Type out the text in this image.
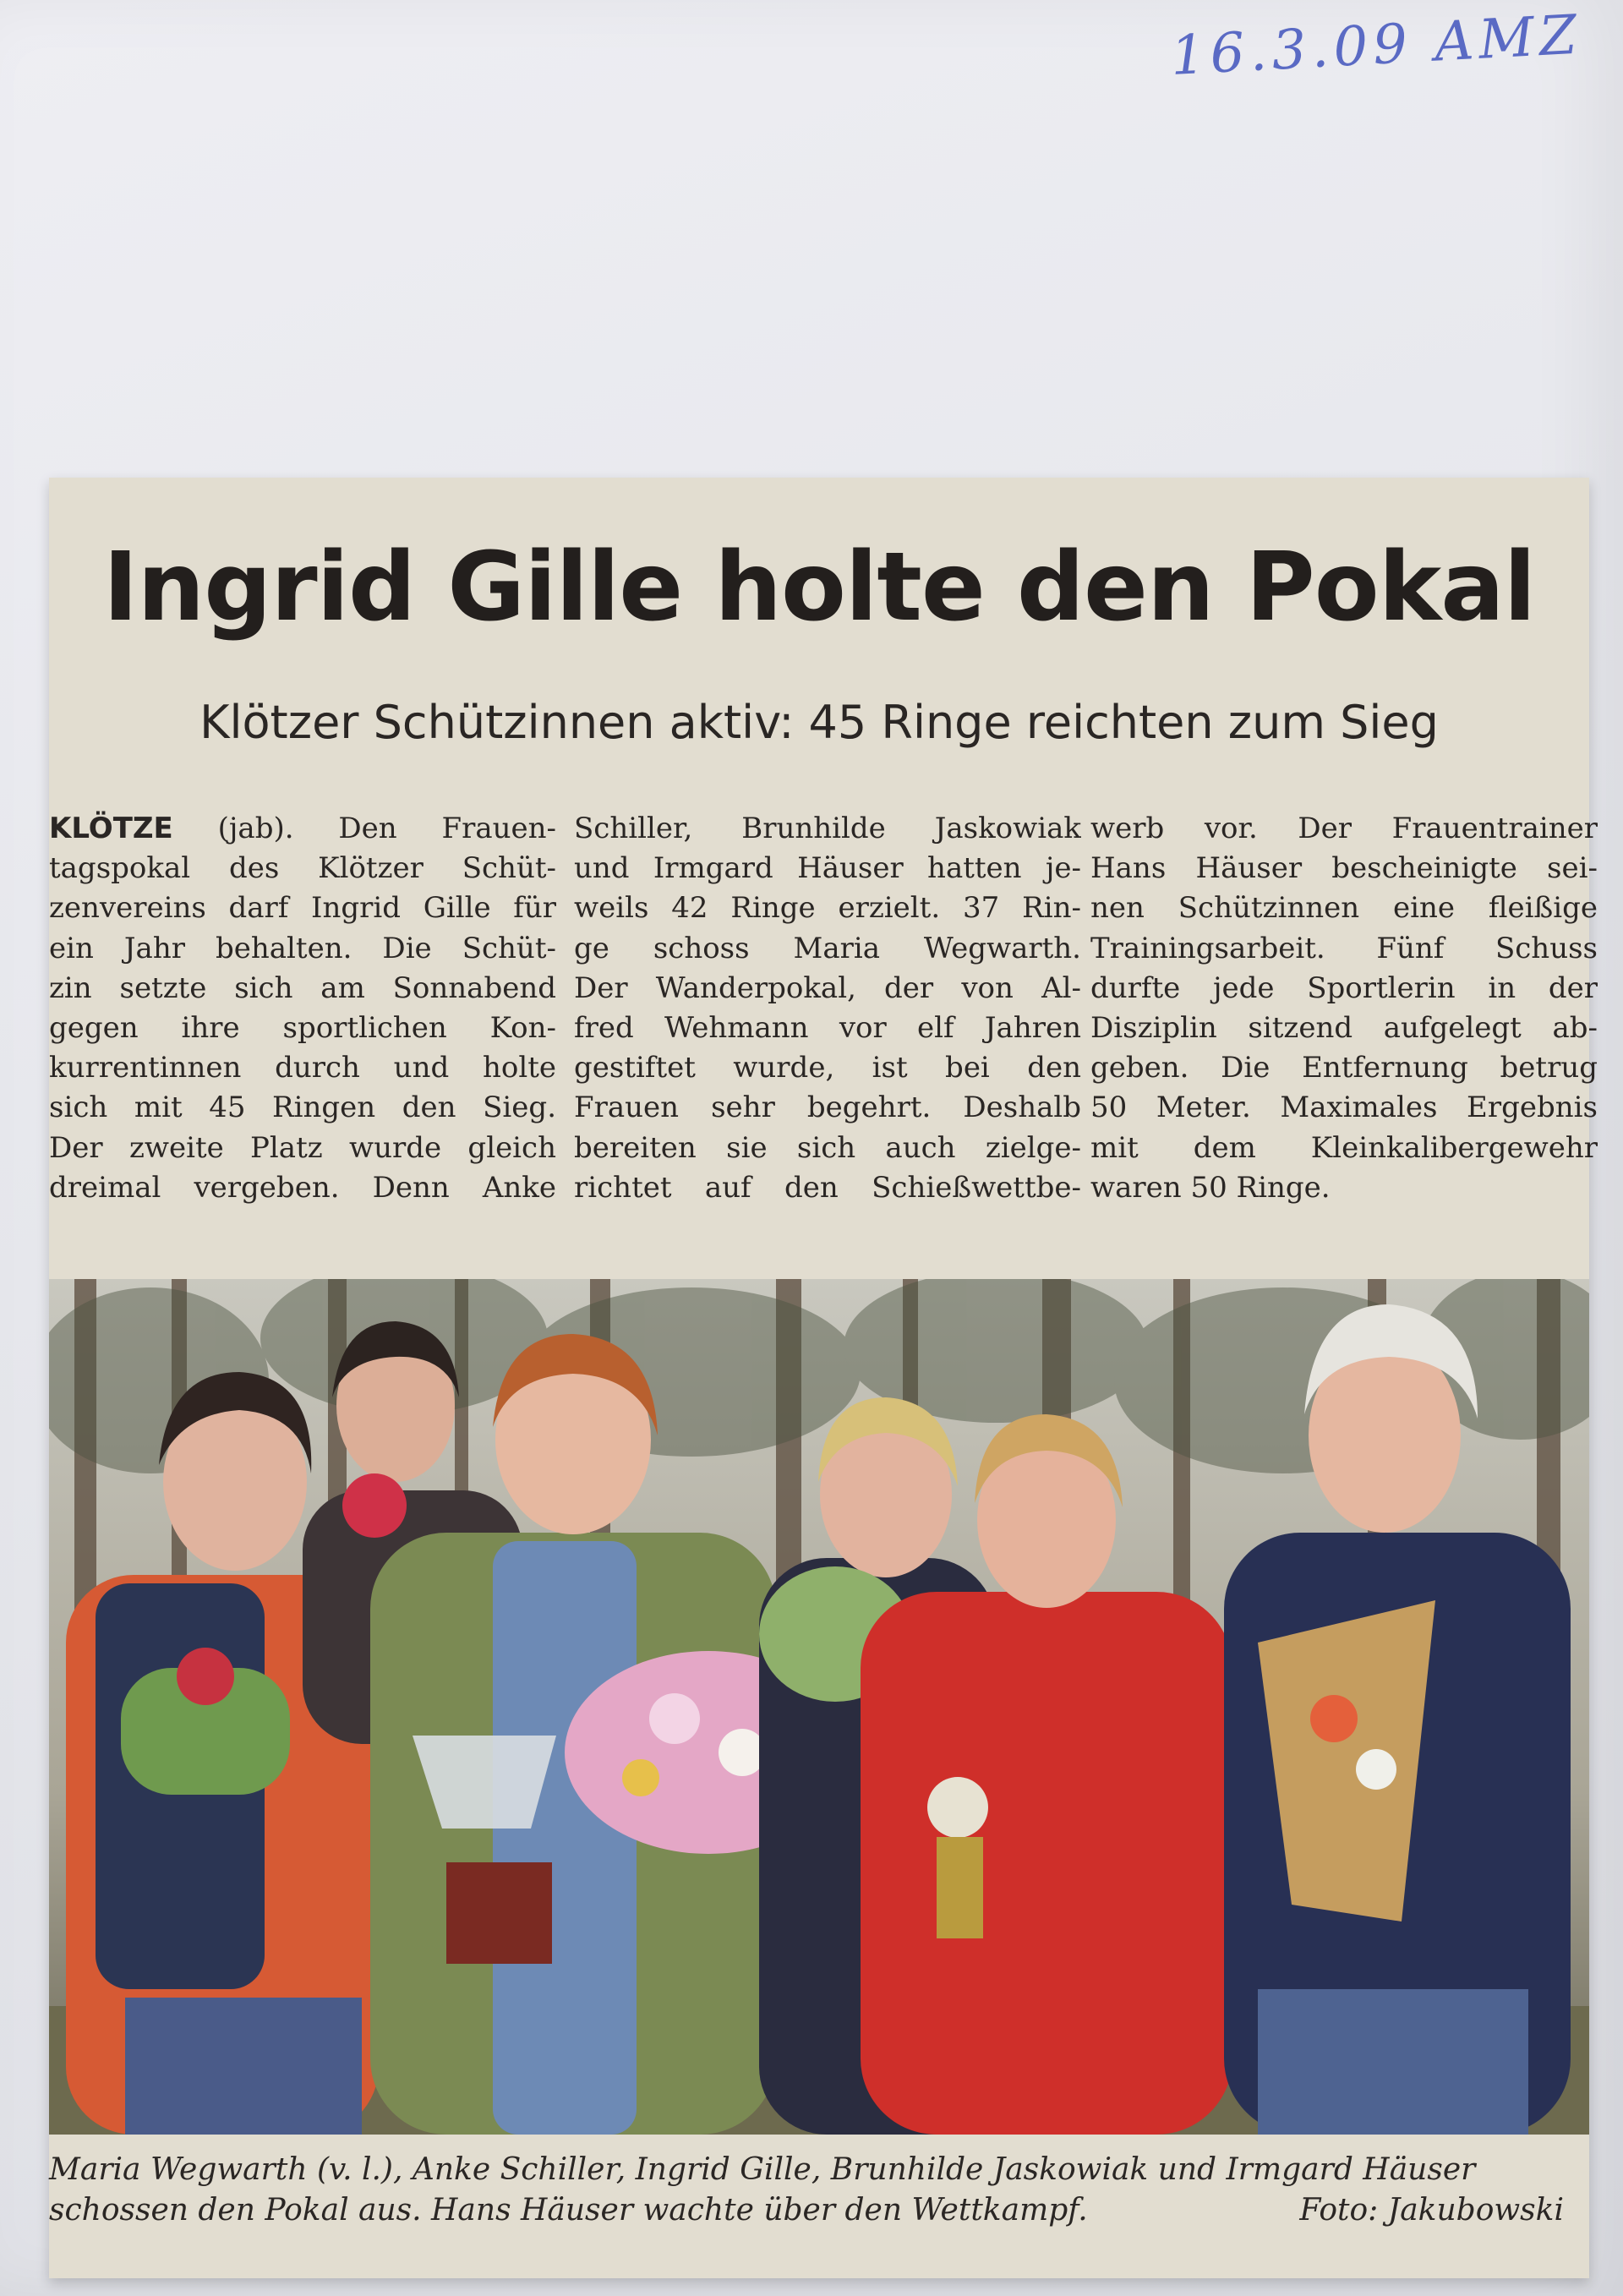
16.3.09 AMZ
Ingrid Gille holte den Pokal
Klötzer Schützinnen aktiv: 45 Ringe reichten zum Sieg
KLÖTZE (jab). Den Frauen-
tagspokal des Klötzer Schüt-
zenvereins darf Ingrid Gille für
ein Jahr behalten. Die Schüt-
zin setzte sich am Sonnabend
gegen ihre sportlichen Kon-
kurrentinnen durch und holte
sich mit 45 Ringen den Sieg.
Der zweite Platz wurde gleich
dreimal vergeben. Denn Anke
Schiller, Brunhilde Jaskowiak
und Irmgard Häuser hatten je-
weils 42 Ringe erzielt. 37 Rin-
ge schoss Maria Wegwarth.
Der Wanderpokal, der von Al-
fred Wehmann vor elf Jahren
gestiftet wurde, ist bei den
Frauen sehr begehrt. Deshalb
bereiten sie sich auch zielge-
richtet auf den Schießwettbe-
werb vor. Der Frauentrainer
Hans Häuser bescheinigte sei-
nen Schützinnen eine fleißige
Trainingsarbeit. Fünf Schuss
durfte jede Sportlerin in der
Disziplin sitzend aufgelegt ab-
geben. Die Entfernung betrug
50 Meter. Maximales Ergebnis
mit dem Kleinkalibergewehr
waren 50 Ringe.
Maria Wegwarth (v. l.), Anke Schiller, Ingrid Gille, Brunhilde Jaskowiak und Irmgard Häuser
schossen den Pokal aus. Hans Häuser wachte über den Wettkampf.	Foto: Jakubowski
